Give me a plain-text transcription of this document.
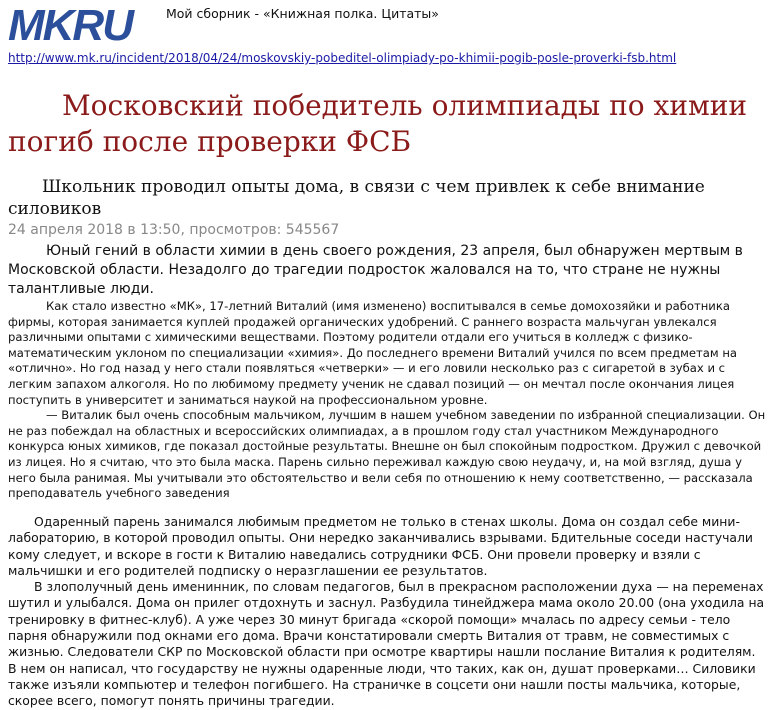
MKRU	Мой сборник - «Книжная полка. Цитаты»
http://www.mk.ru/incident/2018/04/24/moskovskiy-pobeditel-olimpiady-po-khimii-pogib-posle-proverki-fsb.html
Московский победитель олимпиады по химии погиб после проверки ФСБ
Школьник проводил опыты дома, в связи с чем привлек к себе внимание силовиков
24 апреля 2018 в 13:50, просмотров: 545567

Юный гений в области химии в день своего рождения, 23 апреля, был обнаружен мертвым в Московской области. Незадолго до трагедии подросток жаловался на то, что стране не нужны талантливые люди.

Как стало известно «МК», 17-летний Виталий (имя изменено) воспитывался в семье домохозяйки и работника фирмы, которая занимается куплей продажей органических удобрений. С раннего возраста мальчуган увлекался различными опытами с химическими веществами. Поэтому родители отдали его учиться в колледж с физико-математическим уклоном по специализации «химия». До последнего времени Виталий учился по всем предметам на «отлично». Но год назад у него стали появляться «четверки» — и его ловили несколько раз с сигаретой в зубах и с легким запахом алкоголя. Но по любимому предмету ученик не сдавал позиций — он мечтал после окончания лицея поступить в университет и заниматься наукой на профессиональном уровне.

— Виталик был очень способным мальчиком, лучшим в нашем учебном заведении по избранной специализации. Он не раз побеждал на областных и всероссийских олимпиадах, а в прошлом году стал участником Международного конкурса юных химиков, где показал достойные результаты. Внешне он был спокойным подростком. Дружил с девочкой из лицея. Но я считаю, что это была маска. Парень сильно переживал каждую свою неудачу, и, на мой взгляд, душа у него была ранимая. Мы учитывали это обстоятельство и вели себя по отношению к нему соответственно, — рассказала преподаватель учебного заведения

Одаренный парень занимался любимым предметом не только в стенах школы. Дома он создал себе мини-лабораторию, в которой проводил опыты. Они нередко заканчивались взрывами. Бдительные соседи настучали кому следует, и вскоре в гости к Виталию наведались сотрудники ФСБ. Они провели проверку и взяли с мальчишки и его родителей подписку о неразглашении ее результатов.

В злополучный день именинник, по словам педагогов, был в прекрасном расположении духа — на переменах шутил и улыбался. Дома он прилег отдохнуть и заснул. Разбудила тинейджера мама около 20.00 (она уходила на тренировку в фитнес-клуб). А уже через 30 минут бригада «скорой помощи» мчалась по адресу семьи - тело парня обнаружили под окнами его дома. Врачи констатировали смерть Виталия от травм, не совместимых с жизнью. Следователи СКР по Московской области при осмотре квартиры нашли послание Виталия к родителям. В нем он написал, что государству не нужны одаренные люди, что таких, как он, душат проверками… Силовики также изъяли компьютер и телефон погибшего. На страничке в соцсети они нашли посты мальчика, которые, скорее всего, помогут понять причины трагедии.
